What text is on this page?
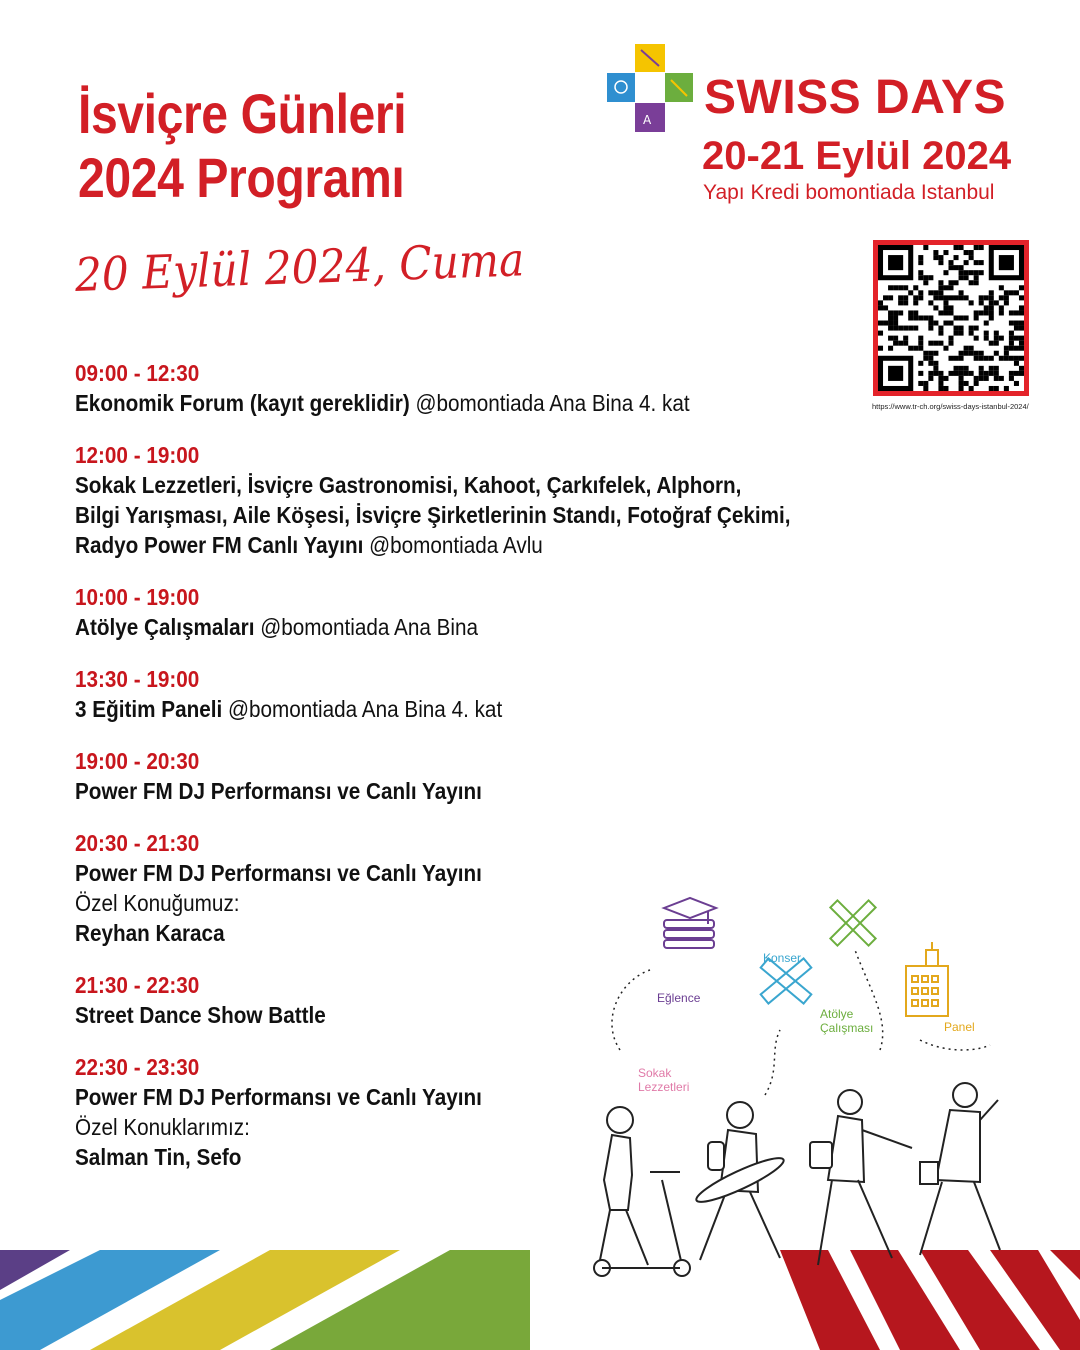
İsviçre Günleri
2024 Programı
20 Eylül 2024, Cuma
A SWISS DAYS
20-21 Eylül 2024
Yapı Kredi bomontiada Istanbul
https://www.tr-ch.org/swiss-days-istanbul-2024/
09:00 - 12:30
Ekonomik Forum (kayıt gereklidir) @bomontiada Ana Bina 4. kat
12:00 - 19:00
Sokak Lezzetleri, İsviçre Gastronomisi, Kahoot, Çarkıfelek, Alphorn,
Bilgi Yarışması, Aile Köşesi, İsviçre Şirketlerinin Standı, Fotoğraf Çekimi,
Radyo Power FM Canlı Yayını @bomontiada Avlu
10:00 - 19:00
Atölye Çalışmaları @bomontiada Ana Bina
13:30 - 19:00
3 Eğitim Paneli @bomontiada Ana Bina 4. kat
19:00 - 20:30
Power FM DJ Performansı ve Canlı Yayını
20:30 - 21:30
Power FM DJ Performansı ve Canlı Yayını
Özel Konuğumuz:
Reyhan Karaca
21:30 - 22:30
Street Dance Show Battle
22:30 - 23:30
Power FM DJ Performansı ve Canlı Yayını
Özel Konuklarımız:
Salman Tin, Sefo
Eğlence
Konser
Atölye
Çalışması	Panel
Sokak
Lezzetleri
